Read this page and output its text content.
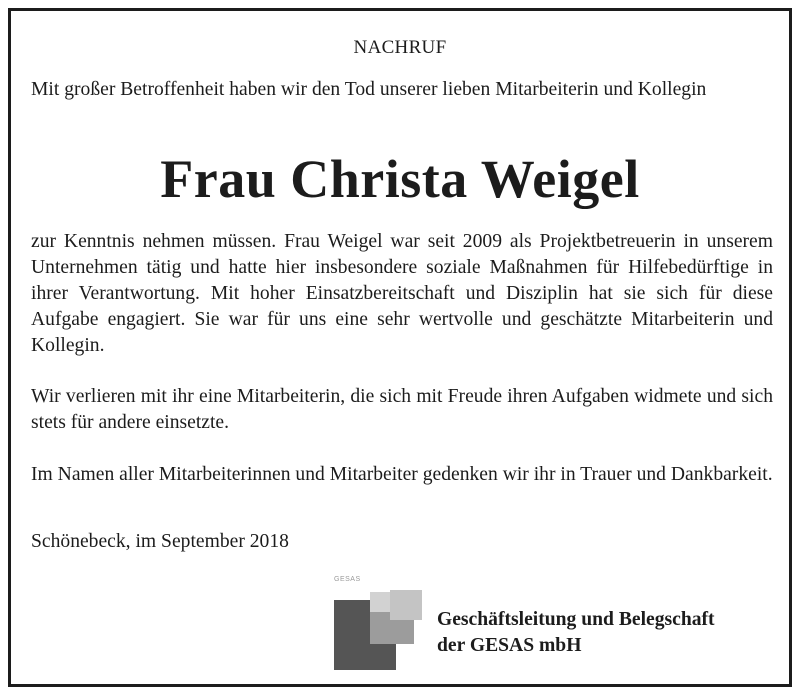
NACHRUF
Mit großer Betroffenheit haben wir den Tod unserer lieben Mitarbeiterin und Kollegin
Frau Christa Weigel
zur Kenntnis nehmen müssen. Frau Weigel war seit 2009 als Projektbetreuerin in unserem Unternehmen tätig und hatte hier insbesondere soziale Maßnahmen für Hilfebedürftige in ihrer Verantwortung. Mit hoher Einsatzbereitschaft und Disziplin hat sie sich für diese Aufgabe engagiert. Sie war für uns eine sehr wertvolle und geschätzte Mitarbeiterin und Kollegin.
Wir verlieren mit ihr eine Mitarbeiterin, die sich mit Freude ihren Aufgaben widmete und sich stets für andere einsetzte.
Im Namen aller Mitarbeiterinnen und Mitarbeiter gedenken wir ihr in Trauer und Dankbarkeit.
Schönebeck, im September 2018
GESAS
Geschäftsleitung und Belegschaft
der GESAS mbH
